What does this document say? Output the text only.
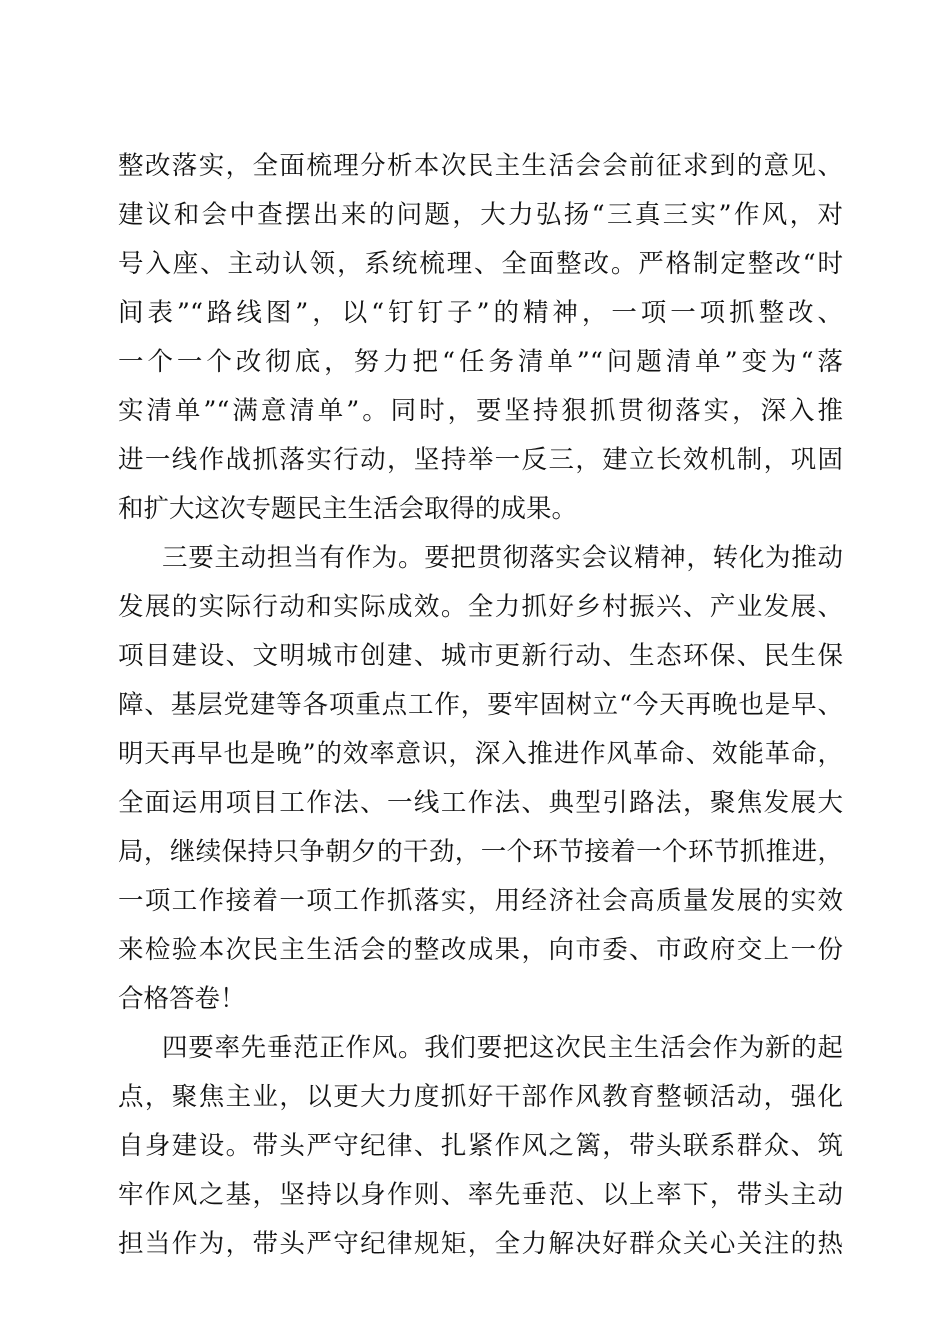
整改落实，全面梳理分析本次民主生活会会前征求到的意见、
建议和会中查摆出来的问题，大力弘扬“三真三实”作风，对
号入座、主动认领，系统梳理、全面整改。严格制定整改“时
间表”“路线图”，以“钉钉子”的精神，一项一项抓整改、
一个一个改彻底，努力把“任务清单”“问题清单”变为“落
实清单”“满意清单”。同时，要坚持狠抓贯彻落实，深入推
进一线作战抓落实行动，坚持举一反三，建立长效机制，巩固
和扩大这次专题民主生活会取得的成果。
三要主动担当有作为。要把贯彻落实会议精神，转化为推动
发展的实际行动和实际成效。全力抓好乡村振兴、产业发展、
项目建设、文明城市创建、城市更新行动、生态环保、民生保
障、基层党建等各项重点工作，要牢固树立“今天再晚也是早、
明天再早也是晚”的效率意识，深入推进作风革命、效能革命，
全面运用项目工作法、一线工作法、典型引路法，聚焦发展大
局，继续保持只争朝夕的干劲，一个环节接着一个环节抓推进，
一项工作接着一项工作抓落实，用经济社会高质量发展的实效
来检验本次民主生活会的整改成果，向市委、市政府交上一份
合格答卷！
四要率先垂范正作风。我们要把这次民主生活会作为新的起
点，聚焦主业，以更大力度抓好干部作风教育整顿活动，强化
自身建设。带头严守纪律、扎紧作风之篱，带头联系群众、筑
牢作风之基，坚持以身作则、率先垂范、以上率下，带头主动
担当作为，带头严守纪律规矩，全力解决好群众关心关注的热
